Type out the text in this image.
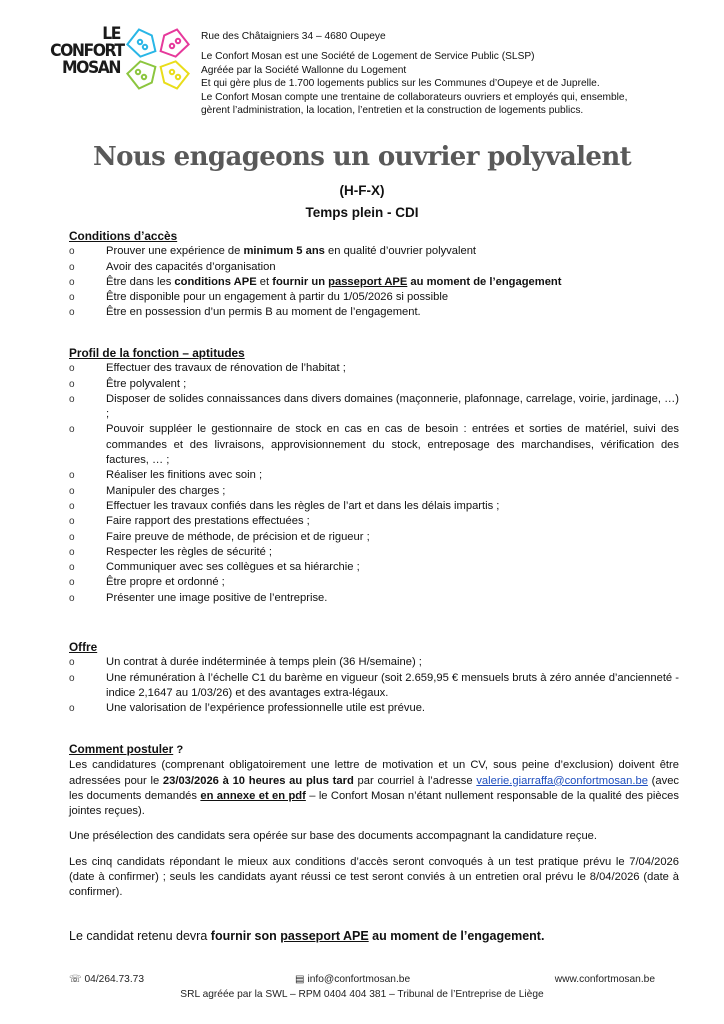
LE
CONFORT
MOSAN
Rue des Châtaigniers 34 – 4680 Oupeye
Le Confort Mosan est une Société de Logement de Service Public (SLSP)
Agréée par la Société Wallonne du Logement
Et qui gère plus de 1.700 logements publics sur les Communes d’Oupeye et de Juprelle.
Le Confort Mosan compte une trentaine de collaborateurs ouvriers et employés qui, ensemble,
gèrent l’administration, la location, l’entretien et la construction de logements publics.
Nous engageons un ouvrier polyvalent
(H-F-X)
Temps plein - CDI
Conditions d’accès
o	Prouver une expérience de minimum 5 ans en qualité d’ouvrier polyvalent
o	Avoir des capacités d’organisation
o	Être dans les conditions APE et fournir un passeport APE au moment de l’engagement
o	Être disponible pour un engagement à partir du 1/05/2026 si possible
o	Être en possession d’un permis B au moment de l’engagement.
Profil de la fonction – aptitudes
o	Effectuer des travaux de rénovation de l’habitat ;
o	Être polyvalent ;
o	Disposer de solides connaissances dans divers domaines (maçonnerie, plafonnage, carrelage, voirie, jardinage, …) ;
o	Pouvoir suppléer le gestionnaire de stock en cas en cas de besoin : entrées et sorties de matériel, suivi des commandes et des livraisons, approvisionnement du stock, entreposage des marchandises, vérification des factures, … ;
o	Réaliser les finitions avec soin ;
o	Manipuler des charges ;
o	Effectuer les travaux confiés dans les règles de l’art et dans les délais impartis ;
o	Faire rapport des prestations effectuées ;
o	Faire preuve de méthode, de précision et de rigueur ;
o	Respecter les règles de sécurité ;
o	Communiquer avec ses collègues et sa hiérarchie ;
o	Être propre et ordonné ;
o	Présenter une image positive de l’entreprise.
Offre
o	Un contrat à durée indéterminée à temps plein (36 H/semaine) ;
o	Une rémunération à l’échelle C1 du barème en vigueur (soit 2.659,95 € mensuels bruts à zéro année d’ancienneté - indice 2,1647 au 1/03/26) et des avantages extra-légaux.
o	Une valorisation de l’expérience professionnelle utile est prévue.
Comment postuler ?

Les candidatures (comprenant obligatoirement une lettre de motivation et un CV, sous peine d’exclusion) doivent être adressées pour le 23/03/2026 à 10 heures au plus tard par courriel à l’adresse valerie.giarraffa@confortmosan.be (avec les documents demandés en annexe et en pdf – le Confort Mosan n’étant nullement responsable de la qualité des pièces jointes reçues).

Une présélection des candidats sera opérée sur base des documents accompagnant la candidature reçue.

Les cinq candidats répondant le mieux aux conditions d’accès seront convoqués à un test pratique prévu le 7/04/2026 (date à confirmer) ; seuls les candidats ayant réussi ce test seront conviés à un entretien oral prévu le 8/04/2026 (date à confirmer).

Le candidat retenu devra fournir son passeport APE au moment de l’engagement.
☏ 04/264.73.73	▤ info@confortmosan.be	www.confortmosan.be
SRL agréée par la SWL – RPM 0404 404 381 – Tribunal de l’Entreprise de Liège
